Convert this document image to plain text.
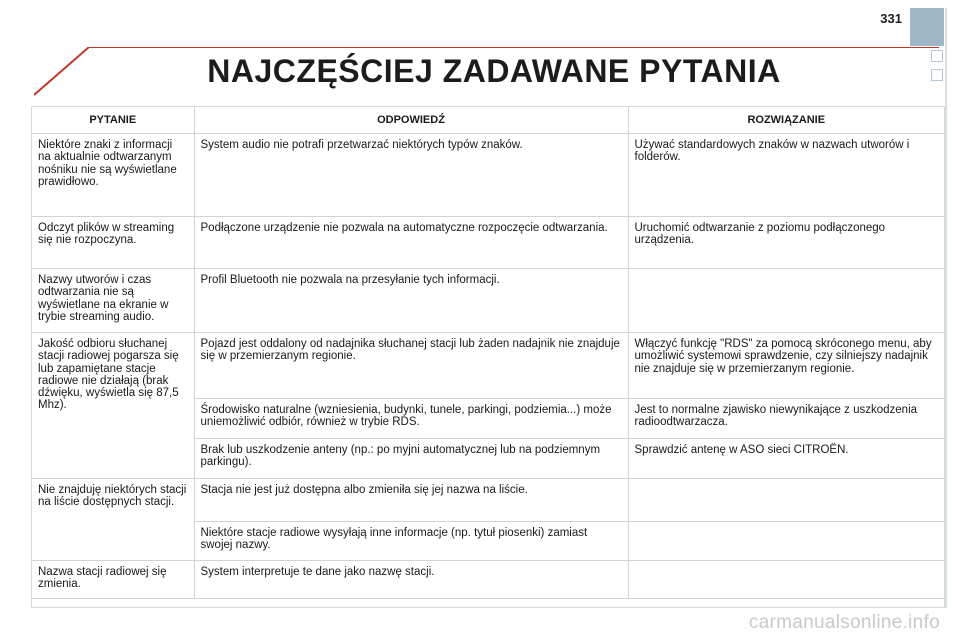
331
NAJCZĘŚCIEJ ZADAWANE PYTANIA
PYTANIE	ODPOWIEDŹ	ROZWIĄZANIE
Niektóre znaki z informacji na aktualnie odtwarzanym nośniku nie są wyświetlane prawidłowo.	System audio nie potrafi przetwarzać niektórych typów znaków.	Używać standardowych znaków w nazwach utworów i folderów.
Odczyt plików w streaming się nie rozpoczyna.	Podłączone urządzenie nie pozwala na automatyczne rozpoczęcie odtwarzania.	Uruchomić odtwarzanie z poziomu podłączonego urządzenia.
Nazwy utworów i czas odtwarzania nie są wyświetlane na ekranie w trybie streaming audio.	Profil Bluetooth nie pozwala na przesyłanie tych informacji.	
Jakość odbioru słuchanej stacji radiowej pogarsza się lub zapamiętane stacje radiowe nie działają (brak dźwięku, wyświetla się 87,5 Mhz).	Pojazd jest oddalony od nadajnika słuchanej stacji lub żaden nadajnik nie znajduje się w przemierzanym regionie.	Włączyć funkcję "RDS" za pomocą skróconego menu, aby umożliwić systemowi sprawdzenie, czy silniejszy nadajnik nie znajduje się w przemierzanym regionie.
	Środowisko naturalne (wzniesienia, budynki, tunele, parkingi, podziemia...) może uniemożliwić odbiór, również w trybie RDS.	Jest to normalne zjawisko niewynikające z uszkodzenia radioodtwarzacza.
	Brak lub uszkodzenie anteny (np.: po myjni automatycznej lub na podziemnym parkingu).	Sprawdzić antenę w ASO sieci CITROËN.
Nie znajduję niektórych stacji na liście dostępnych stacji.	Stacja nie jest już dostępna albo zmieniła się jej nazwa na liście.	
	Niektóre stacje radiowe wysyłają inne informacje (np. tytuł piosenki) zamiast swojej nazwy.	
Nazwa stacji radiowej się zmienia.	System interpretuje te dane jako nazwę stacji.	
carmanualsonline.info
